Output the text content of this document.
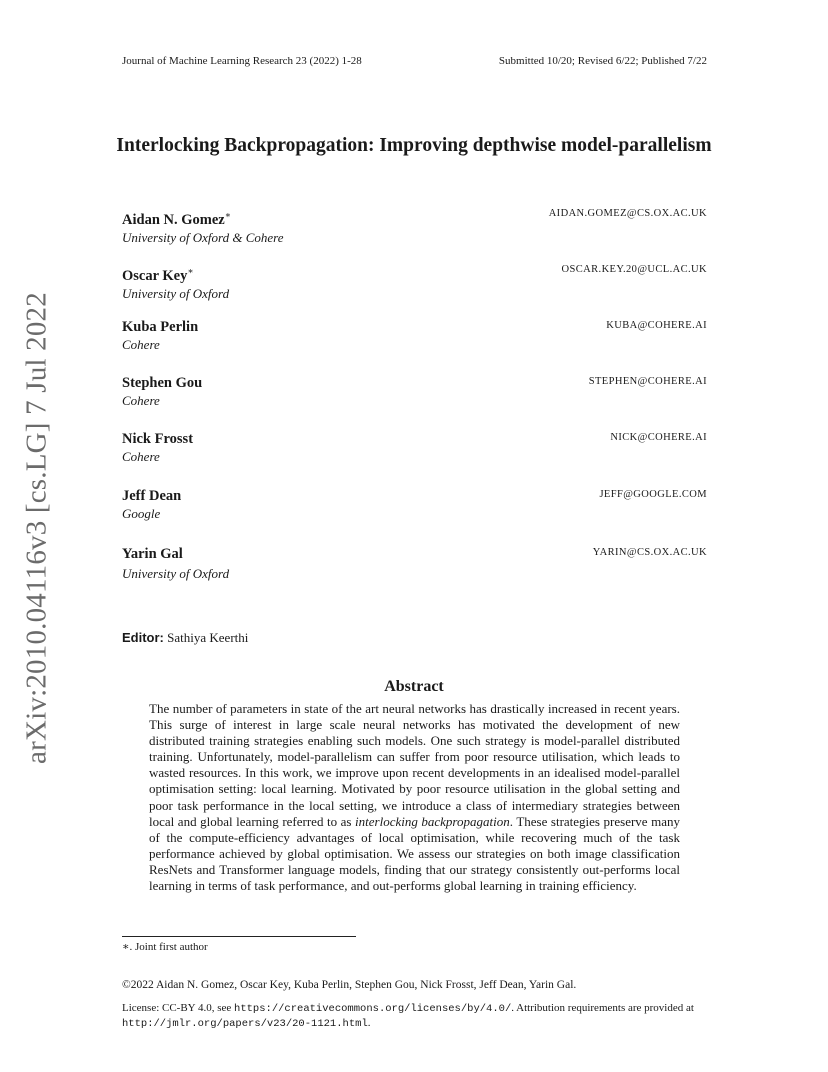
Journal of Machine Learning Research 23 (2022) 1-28	Submitted 10/20; Revised 6/22; Published 7/22
arXiv:2010.04116v3 [cs.LG] 7 Jul 2022
Interlocking Backpropagation: Improving depthwise model-parallelism
Aidan N. Gomez∗
University of Oxford & Cohere
AIDAN.GOMEZ@CS.OX.AC.UK
Oscar Key∗
University of Oxford
OSCAR.KEY.20@UCL.AC.UK
Kuba Perlin
Cohere
KUBA@COHERE.AI
Stephen Gou
Cohere
STEPHEN@COHERE.AI
Nick Frosst
Cohere
NICK@COHERE.AI
Jeff Dean
Google
JEFF@GOOGLE.COM
Yarin Gal
University of Oxford
YARIN@CS.OX.AC.UK
Editor: Sathiya Keerthi
Abstract
The number of parameters in state of the art neural networks has drastically increased in recent years. This surge of interest in large scale neural networks has motivated the development of new distributed training strategies enabling such models. One such strategy is model-parallel distributed training. Unfortunately, model-parallelism can suffer from poor resource utilisation, which leads to wasted resources. In this work, we improve upon recent developments in an idealised model-parallel optimisation setting: local learning. Motivated by poor resource utilisation in the global setting and poor task performance in the local setting, we introduce a class of intermediary strategies between local and global learning referred to as interlocking backpropagation. These strategies preserve many of the compute-efficiency advantages of local optimisation, while recovering much of the task performance achieved by global optimisation. We assess our strategies on both image classification ResNets and Transformer language models, finding that our strategy consistently out-performs local learning in terms of task performance, and out-performs global learning in training efficiency.
∗. Joint first author
©2022 Aidan N. Gomez, Oscar Key, Kuba Perlin, Stephen Gou, Nick Frosst, Jeff Dean, Yarin Gal.
License: CC-BY 4.0, see https://creativecommons.org/licenses/by/4.0/. Attribution requirements are provided at http://jmlr.org/papers/v23/20-1121.html.
